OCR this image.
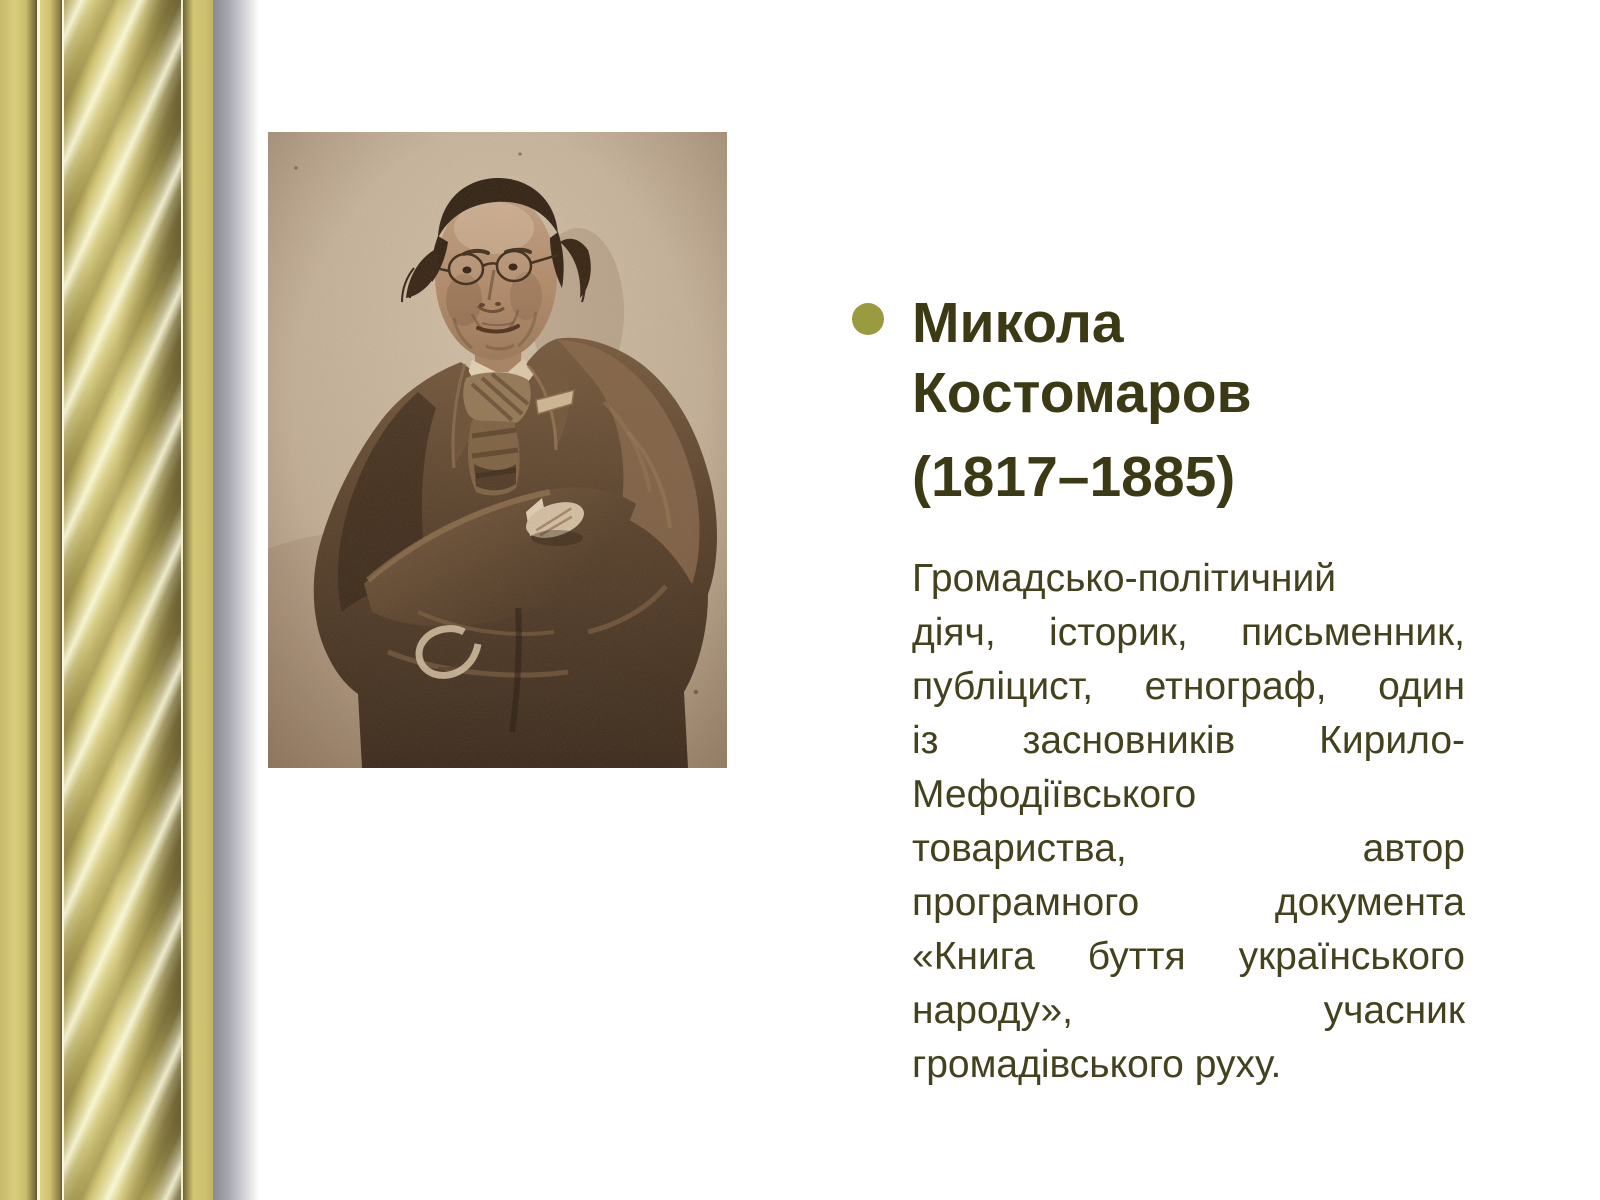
Микола
Костомаров
(1817–1885)
Громадсько-політичний
діяч, історик, письменник,
публіцист, етнограф, один
із засновників Кирило-
Мефодіївського
товариства, автор
програмного документа
«Книга буття українського
народу», учасник
громадівського руху.
